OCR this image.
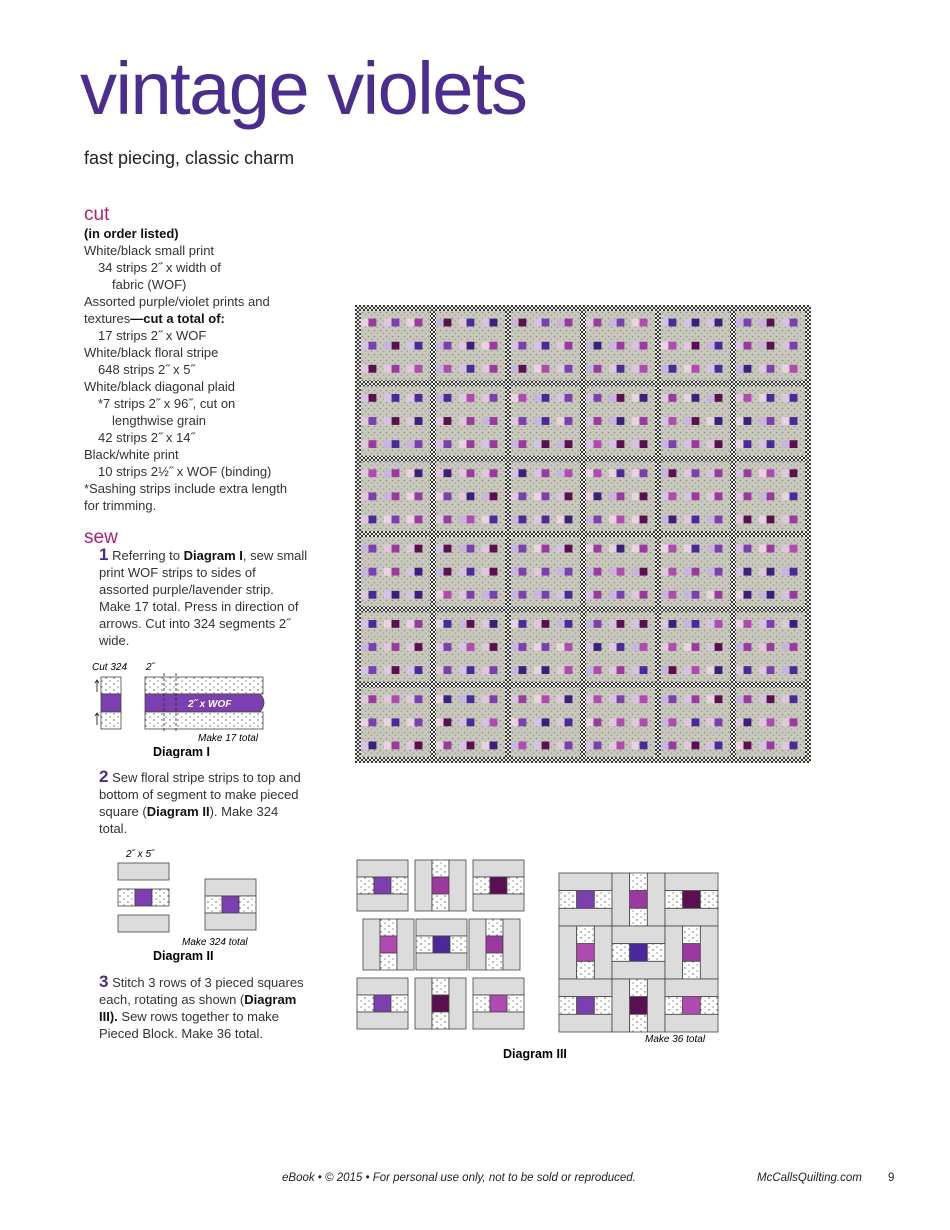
vintage violets
fast piecing, classic charm
cut
(in order listed)
White/black small print
34 strips 2˝ x width of
fabric (WOF)
Assorted purple/violet prints and
textures—cut a total of:
17 strips 2˝ x WOF
White/black floral stripe
648 strips 2˝ x 5˝
White/black diagonal plaid
*7 strips 2˝ x 96˝, cut on
lengthwise grain
42 strips 2˝ x 14˝
Black/white print
10 strips 2½˝ x WOF (binding)
*Sashing strips include extra length
for trimming.
sew
1 Referring to Diagram I, sew small print WOF strips to sides of assorted purple/lavender strip. Make 17 total. Press in direction of arrows. Cut into 324 segments 2˝ wide.
Cut 324 2˝
2˝ x WOF
Make 17 total
Diagram I
2 Sew floral stripe strips to top and bottom of segment to make pieced square (Diagram II). Make 324 total.
2˝ x 5˝
Make 324 total
Diagram II
3 Stitch 3 rows of 3 pieced squares each, rotating as shown (Diagram III). Sew rows together to make Pieced Block. Make 36 total.	Make 36 total
Diagram III
eBook • © 2015 • For personal use only, not to be sold or reproduced.	McCallsQuilting.com 9
